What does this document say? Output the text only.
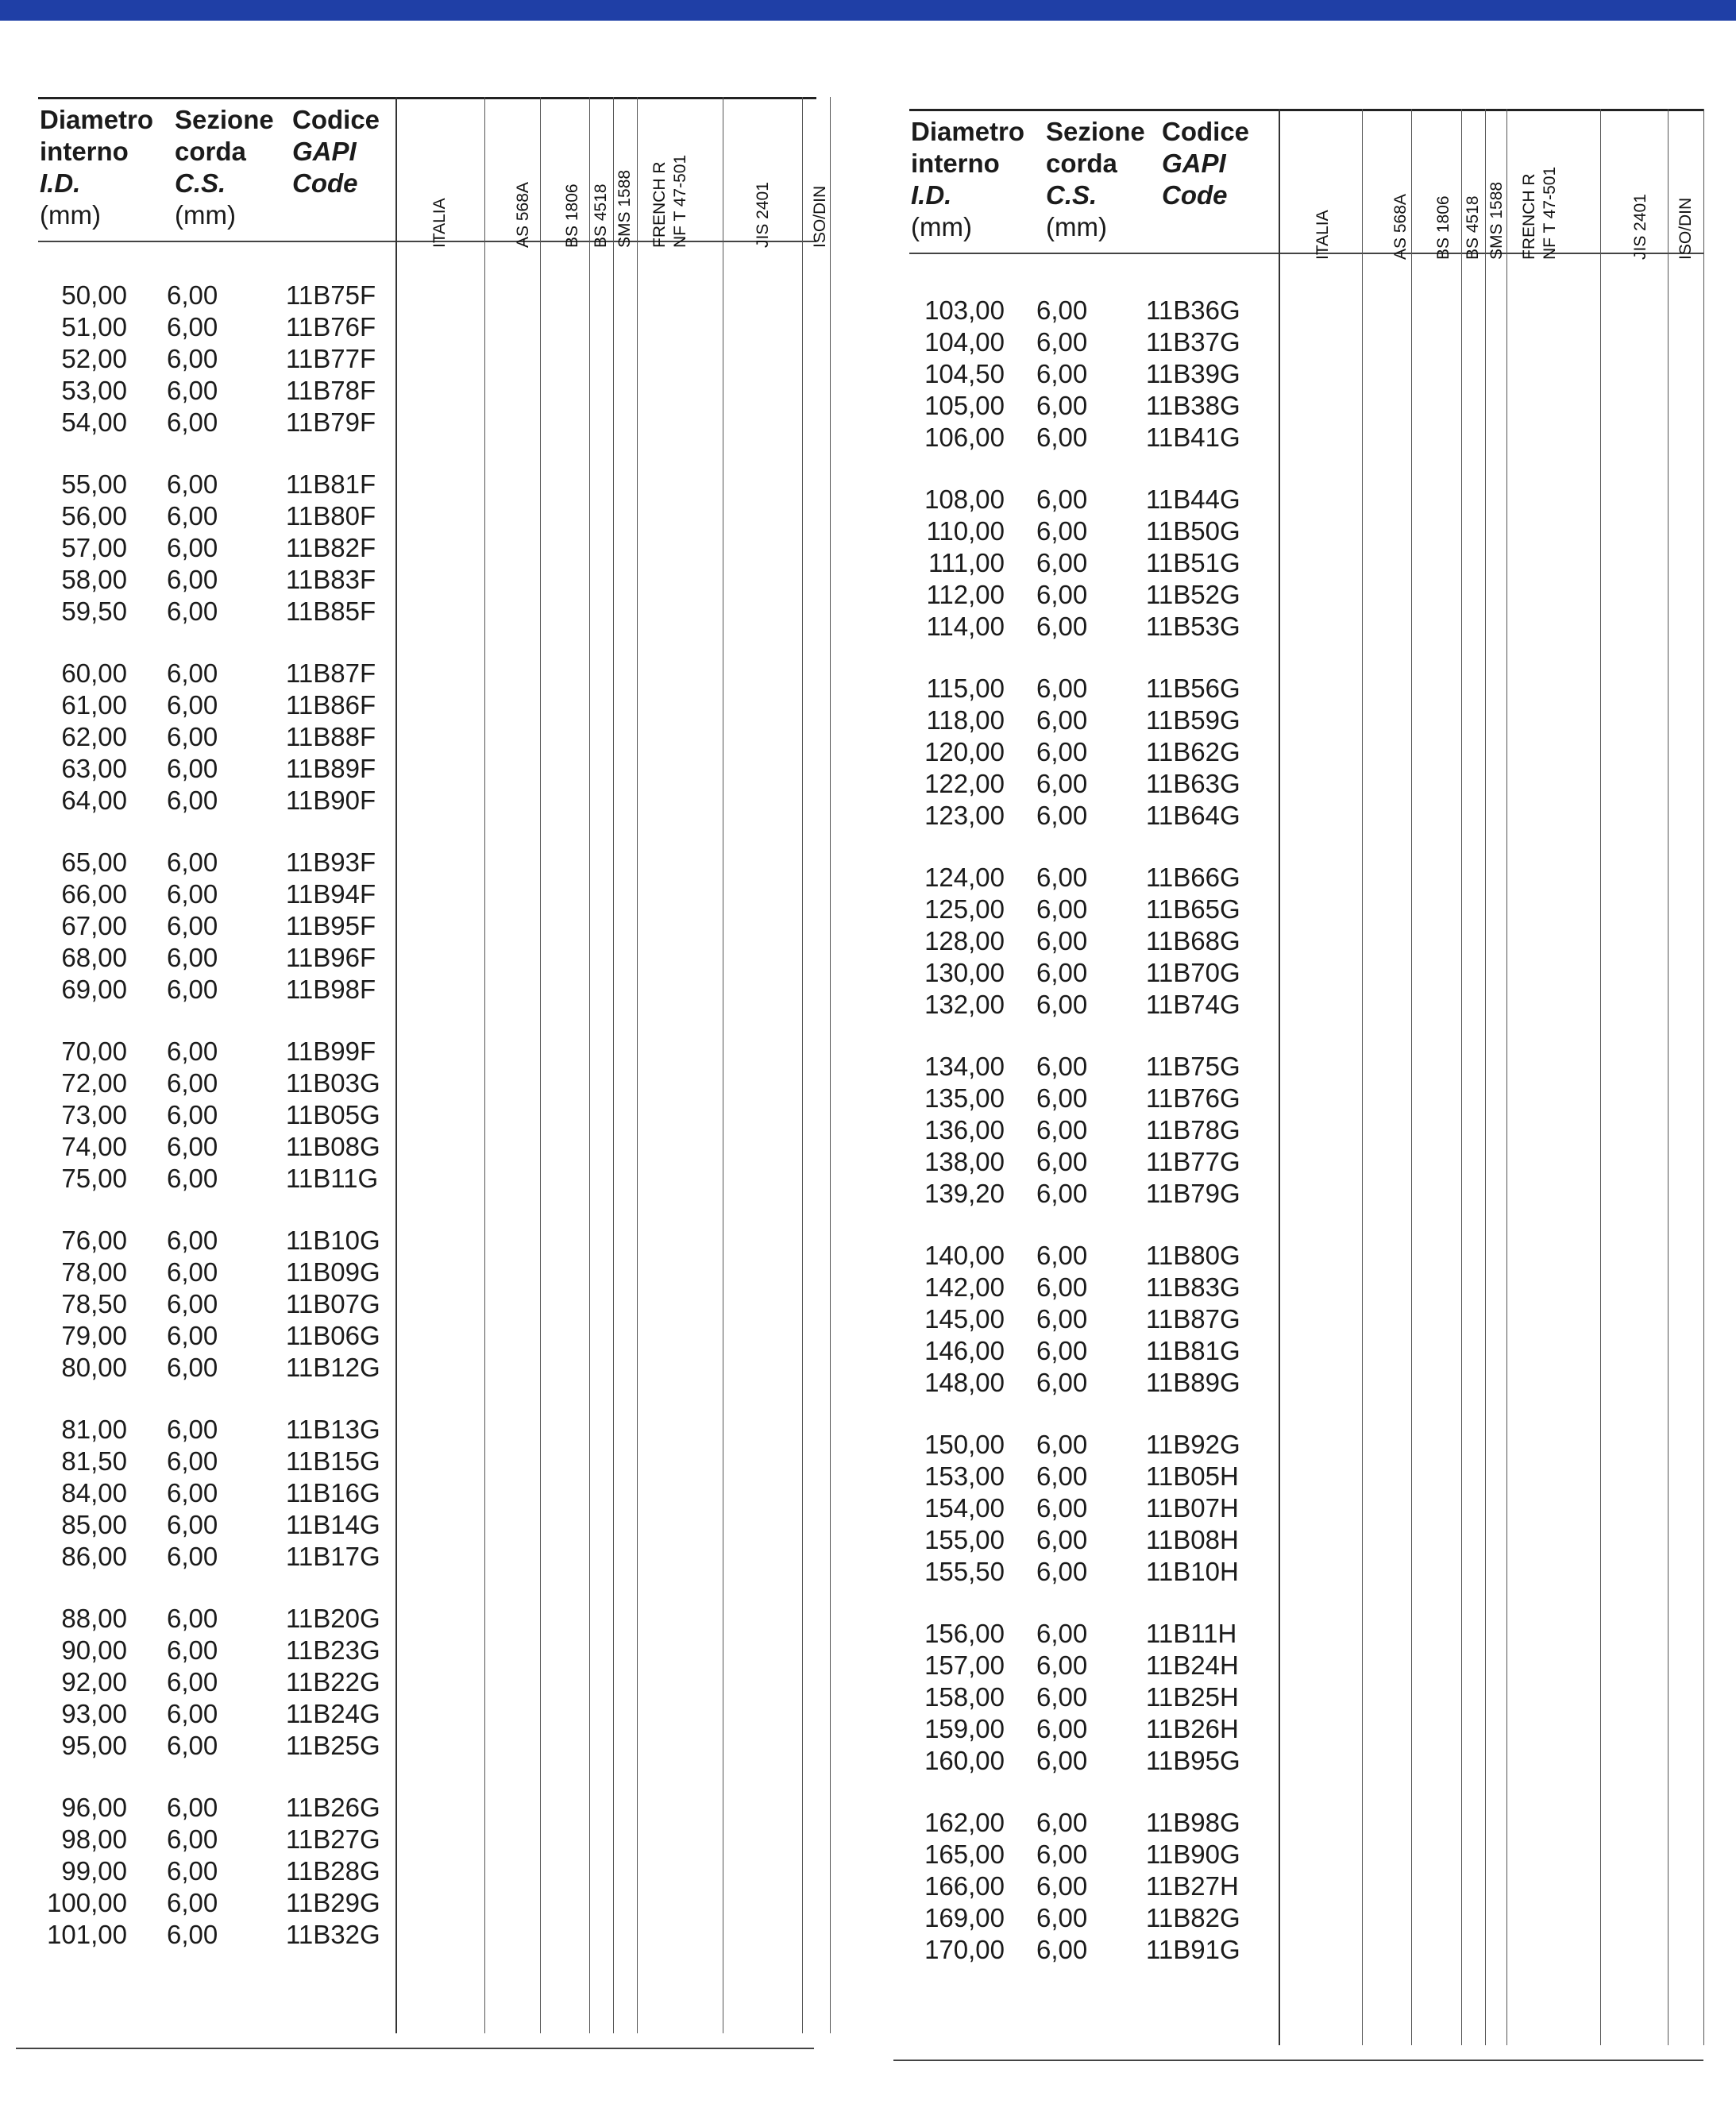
Diametro
interno
I.D.
(mm)
Sezione
corda
C.S.
(mm)
Codice
GAPI
Code
ITALIA	AS 568A BS 1806 BS 4518 SMS 1588 FRENCH R NF T 47-501	JIS 2401 ISO/DIN
50,00 6,00	11B75F
51,00 6,00	11B76F
52,00 6,00	11B77F
53,00 6,00	11B78F
54,00 6,00	11B79F
55,00 6,00	11B81F
56,00 6,00	11B80F
57,00 6,00	11B82F
58,00 6,00	11B83F
59,50 6,00	11B85F
60,00 6,00	11B87F
61,00 6,00	11B86F
62,00 6,00	11B88F
63,00 6,00	11B89F
64,00 6,00	11B90F
65,00 6,00	11B93F
66,00 6,00	11B94F
67,00 6,00	11B95F
68,00 6,00	11B96F
69,00 6,00	11B98F
70,00 6,00	11B99F
72,00 6,00	11B03G
73,00 6,00	11B05G
74,00 6,00	11B08G
75,00 6,00	11B11G
76,00 6,00	11B10G
78,00 6,00	11B09G
78,50 6,00	11B07G
79,00 6,00	11B06G
80,00 6,00	11B12G
81,00 6,00	11B13G
81,50 6,00	11B15G
84,00 6,00	11B16G
85,00 6,00	11B14G
86,00 6,00	11B17G
88,00 6,00	11B20G
90,00 6,00	11B23G
92,00 6,00	11B22G
93,00 6,00	11B24G
95,00 6,00	11B25G
96,00 6,00	11B26G
98,00 6,00	11B27G
99,00 6,00	11B28G
100,00 6,00	11B29G
101,00 6,00	11B32G
Diametro
interno
I.D.
(mm)
Sezione
corda
C.S.
(mm)
Codice
GAPI
Code
ITALIA	AS 568A BS 1806 BS 4518 SMS 1588 FRENCH R NF T 47-501	JIS 2401 ISO/DIN
103,00 6,00	11B36G
104,00 6,00	11B37G
104,50 6,00	11B39G
105,00 6,00	11B38G
106,00 6,00	11B41G
108,00 6,00	11B44G
110,00 6,00	11B50G
111,00 6,00	11B51G
112,00 6,00	11B52G
114,00 6,00	11B53G
115,00 6,00	11B56G
118,00 6,00	11B59G
120,00 6,00	11B62G
122,00 6,00	11B63G
123,00 6,00	11B64G
124,00 6,00	11B66G
125,00 6,00	11B65G
128,00 6,00	11B68G
130,00 6,00	11B70G
132,00 6,00	11B74G
134,00 6,00	11B75G
135,00 6,00	11B76G
136,00 6,00	11B78G
138,00 6,00	11B77G
139,20 6,00	11B79G
140,00 6,00	11B80G
142,00 6,00	11B83G
145,00 6,00	11B87G
146,00 6,00	11B81G
148,00 6,00	11B89G
150,00 6,00	11B92G
153,00 6,00	11B05H
154,00 6,00	11B07H
155,00 6,00	11B08H
155,50 6,00	11B10H
156,00 6,00	11B11H
157,00 6,00	11B24H
158,00 6,00	11B25H
159,00 6,00	11B26H
160,00 6,00	11B95G
162,00 6,00	11B98G
165,00 6,00	11B90G
166,00 6,00	11B27H
169,00 6,00	11B82G
170,00 6,00	11B91G
